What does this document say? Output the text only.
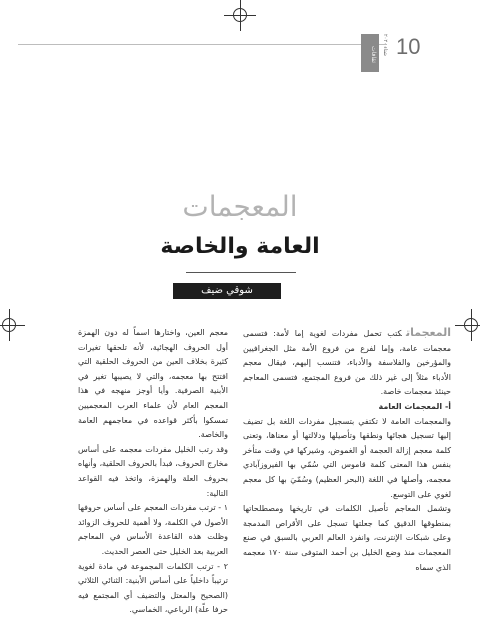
ثقافات
شتاء ٢٠٢٠ 10
المعجمات
العامة والخاصة
شوقي ضيف

المعجماتكتب تحمل مفردات لغوية إما لأمة: فتسمى معجمات عامة، وإما لفرع من فروع الأمة مثل الجغرافيين والمؤرخين والفلاسفة والأدباء، فتنسب إليهم، فيقال معجم الأدباء مثلاً إلى غير ذلك من فروع المجتمع، فتسمى المعاجم حينئذ معجمات خاصة.

أ- المعجمات العامة

والمعجمات العامة لا تكتفي بتسجيل مفردات اللغة بل تضيف إليها تسجيل هجائها ونطقها وتأصيلها ودلالتها أو معناها، وتعنى كلمة معجم إزالة العجمة أو الغموض، وشيركها في وقت متأخر بنفس هذا المعنى كلمة قاموس التي سُمّي بها الفيروزآبادي معجمه، وأصلها في اللغة (البحر العظيم) وسُمّيَ بها كل معجم لغوي على التوسع.

وتشمل المعاجم تأصيل الكلمات في تاريخها ومصطلحاتها بمنطوقها الدقيق كما جعلتها تسجل على الأقراص المدمجة وعلى شبكات الإنترنت، وانفرد العالم العربي بالسبق في صنع المعجمات منذ وضع الخليل بن أحمد المتوفى سنة ١٧٠ معجمه الذي سماه

معجم العين، واختارها اسماً له دون الهمزة أول الحروف الهجائية، لأنه تلحقها تغيرات كثيرة بخلاف العين من الحروف الحلقية التي افتتح بها معجمه، والتي لا يصيبها تغير في الأبنية الصرفية. وأيا أوجز منهجه في هذا المعجم العام لأن علماء العرب المعجميين تمسكوا بأكثر قواعده في معاجمهم العامة والخاصة.

وقد رتب الخليل مفردات معجمه على أساس مخارج الحروف، فبدأ بالحروف الحلقية، وأنهاه بحروف العلة والهمزة، واتخذ فيه القواعد التالية:

١ - ترتب مفردات المعجم على أساس حروفها الأصول في الكلمة، ولا أهمية للحروف الزوائد وظلت هذه القاعدة الأساس في المعاجم العربية بعد الخليل حتى العصر الحديث.

٢ - ترتب الكلمات المجموعة في مادة لغوية ترتيباً داخلياً على أساس الأبنية: الثنائي الثلاثي (الصحيح والمعتل والتضيف أي المجتمع فيه حرفا علّة) الرباعي، الخماسي.
